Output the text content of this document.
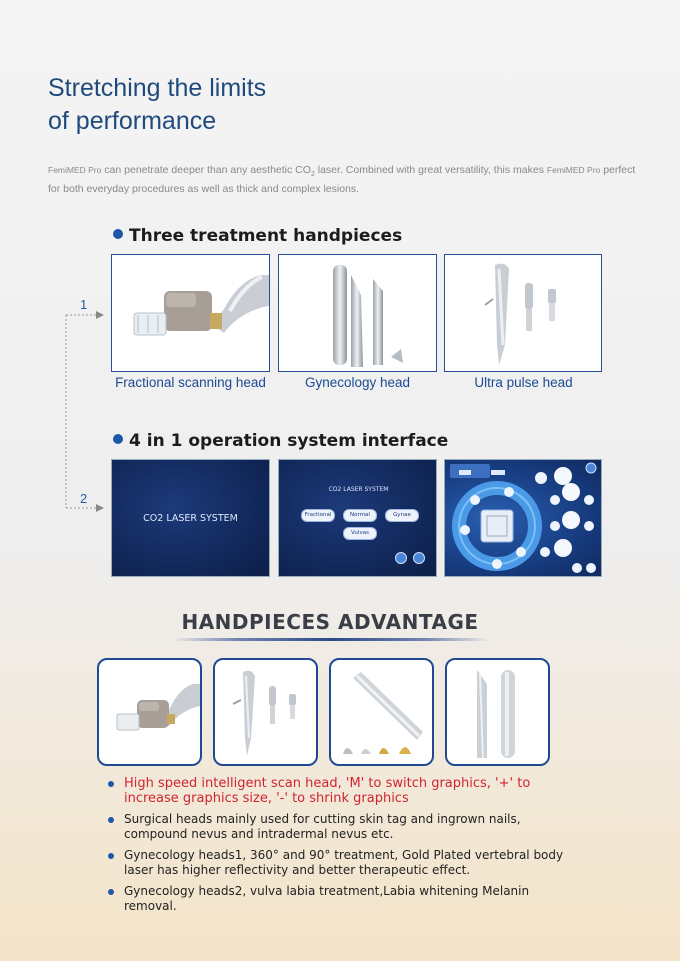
Stretching the limits
of performance
FemiMED Pro can penetrate deeper than any aesthetic $CO_2$ laser. Combined with great versatility, this makes FemiMED Pro perfect for both everyday procedures as well as thick and complex lesions.
Three treatment handpieces
1
2
Fractional scanning head	Gynecology head	Ultra pulse head
4 in 1 operation system interface
CO2 LASER SYSTEM
CO2 LASER SYSTEM
Fractional	Normal	Gynae
Vulvas
HANDPIECES ADVANTAGE
High speed intelligent scan head, 'M' to switch graphics, '+' to increase graphics size, '-' to shrink graphics
Surgical heads mainly used for cutting skin tag and ingrown nails, compound nevus and intradermal nevus etc.
Gynecology heads1, 360° and 90° treatment, Gold Plated vertebral body laser has higher reflectivity and better therapeutic effect.
Gynecology heads2, vulva labia treatment,Labia whitening Melanin removal.
